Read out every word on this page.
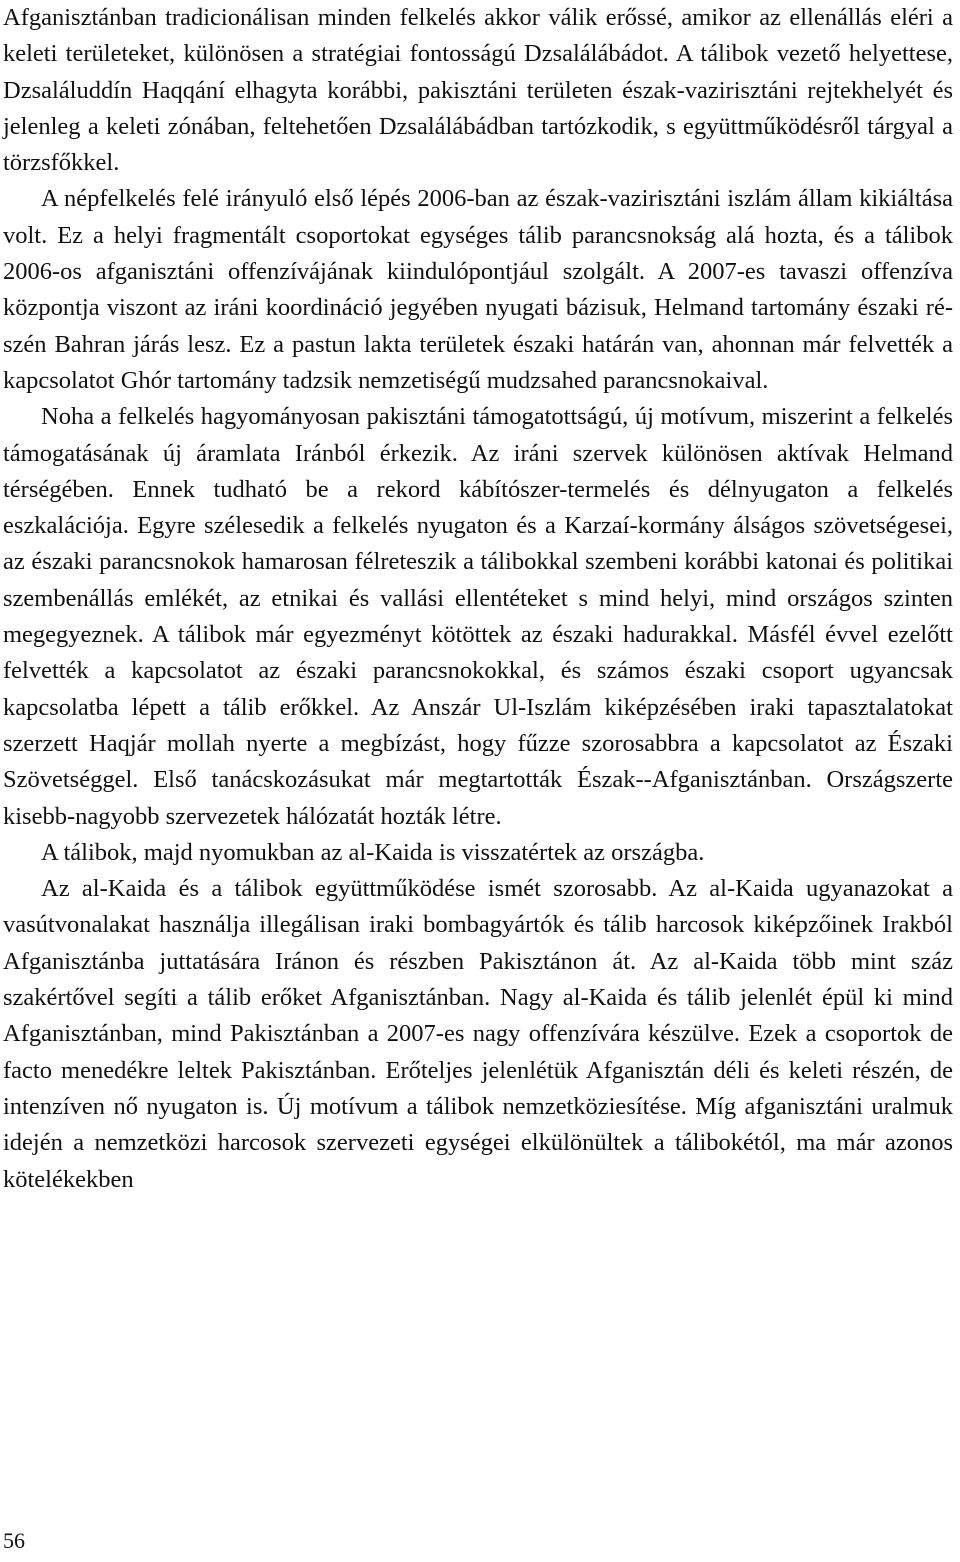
Afganisztánban tradicionálisan minden felkelés akkor válik erőssé, amikor az ellenállás eléri a keleti területeket, különösen a stratégiai fontosságú Dzsalálábádot. A tálibok vezető helyettese, Dzsaláluddín Haqqání elhagyta korábbi, pakisztáni területen észak-vazirisztáni rejtekhelyét és jelenleg a keleti zónában, feltehetően Dzsalálábádban tartózkodik, s együttműködésről tárgyal a törzsfőkkel.

A népfelkelés felé irányuló első lépés 2006-ban az észak-vazirisztáni iszlám állam kikiáltása volt. Ez a helyi fragmentált csoportokat egységes tálib parancsnokság alá hozta, és a tálibok 2006-os afganisztáni offenzívájának kiindulópontjául szolgált. A 2007-es tavaszi offenzíva központja viszont az iráni koordináció jegyében nyugati bázisuk, Helmand tartomány északi részén Bahran járás lesz. Ez a pastun lakta területek északi határán van, ahonnan már felvették a kapcsolatot Ghór tartomány tadzsik nemzetiségű mudzsahed parancsnokaival.

Noha a felkelés hagyományosan pakisztáni támogatottságú, új motívum, miszerint a felkelés támogatásának új áramlata Iránból érkezik. Az iráni szervek különösen aktívak Helmand térségében. Ennek tudható be a rekord kábítószer-termelés és délnyugaton a felkelés eszkalációja. Egyre szélesedik a felkelés nyugaton és a Karzaí-kormány álságos szövetségesei, az északi parancsnokok hamarosan félreteszik a tálibokkal szembeni korábbi katonai és politikai szembenállás emlékét, az etnikai és vallási ellentéteket s mind helyi, mind országos szinten megegyeznek. A tálibok már egyezményt kötöttek az északi hadurakkal. Másfél évvel ezelőtt felvették a kapcsolatot az északi parancsnokokkal, és számos északi csoport ugyancsak kapcsolatba lépett a tálib erőkkel. Az Anszár Ul-Iszlám kiképzésében iraki tapasztalatokat szerzett Haqjár mollah nyerte a megbízást, hogy fűzze szorosabbra a kapcsolatot az Északi Szövetséggel. Első tanácskozásukat már megtartották Észak--Afganisztánban. Országszerte kisebb-nagyobb szervezetek hálózatát hozták létre.

A tálibok, majd nyomukban az al-Kaida is visszatértek az országba.

Az al-Kaida és a tálibok együttműködése ismét szorosabb. Az al-Kaida ugyanazokat a vasútvonalakat használja illegálisan iraki bombagyártók és tálib harcosok kiképzőinek Irakból Afganisztánba juttatására Iránon és részben Pakisztánon át. Az al-Kaida több mint száz szakértővel segíti a tálib erőket Afganisztánban. Nagy al-Kaida és tálib jelenlét épül ki mind Afganisztánban, mind Pakisztánban a 2007-es nagy offenzívára készülve. Ezek a csoportok de facto menedékre leltek Pakisztánban. Erőteljes jelenlétük Afganisztán déli és keleti részén, de intenzíven nő nyugaton is. Új motívum a tálibok nemzetköziesítése. Míg afganisztáni uralmuk idején a nemzetközi harcosok szervezeti egységei elkülönültek a tálibokétól, ma már azonos kötelékekben

56
